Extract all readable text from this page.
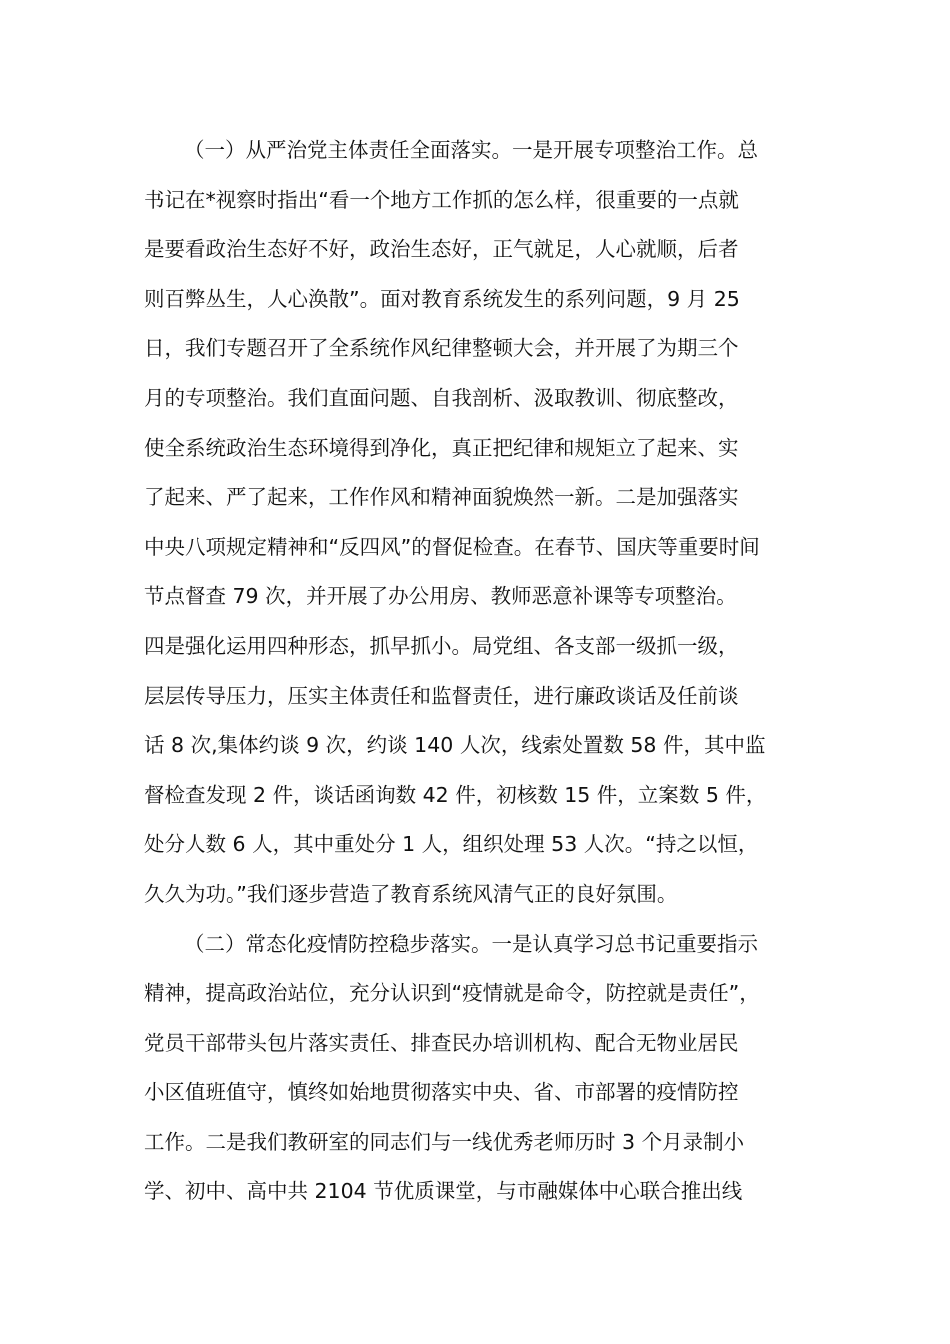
（一）从严治党主体责任全面落实。一是开展专项整治工作。总
书记在*视察时指出“看一个地方工作抓的怎么样，很重要的一点就
是要看政治生态好不好，政治生态好，正气就足，人心就顺，后者
则百弊丛生，人心涣散”。面对教育系统发生的系列问题，9 月 25
日，我们专题召开了全系统作风纪律整顿大会，并开展了为期三个
月的专项整治。我们直面问题、自我剖析、汲取教训、彻底整改，
使全系统政治生态环境得到净化，真正把纪律和规矩立了起来、实
了起来、严了起来，工作作风和精神面貌焕然一新。二是加强落实
中央八项规定精神和“反四风”的督促检查。在春节、国庆等重要时间
节点督查 79 次，并开展了办公用房、教师恶意补课等专项整治。
四是强化运用四种形态，抓早抓小。局党组、各支部一级抓一级，
层层传导压力，压实主体责任和监督责任，进行廉政谈话及任前谈
话 8 次,集体约谈 9 次，约谈 140 人次，线索处置数 58 件，其中监
督检查发现 2 件，谈话函询数 42 件，初核数 15 件，立案数 5 件，
处分人数 6 人，其中重处分 1 人，组织处理 53 人次。“持之以恒，
久久为功。”我们逐步营造了教育系统风清气正的良好氛围。
（二）常态化疫情防控稳步落实。一是认真学习总书记重要指示
精神，提高政治站位，充分认识到“疫情就是命令，防控就是责任”，
党员干部带头包片落实责任、排查民办培训机构、配合无物业居民
小区值班值守，慎终如始地贯彻落实中央、省、市部署的疫情防控
工作。二是我们教研室的同志们与一线优秀老师历时 3 个月录制小
学、初中、高中共 2104 节优质课堂，与市融媒体中心联合推出线
